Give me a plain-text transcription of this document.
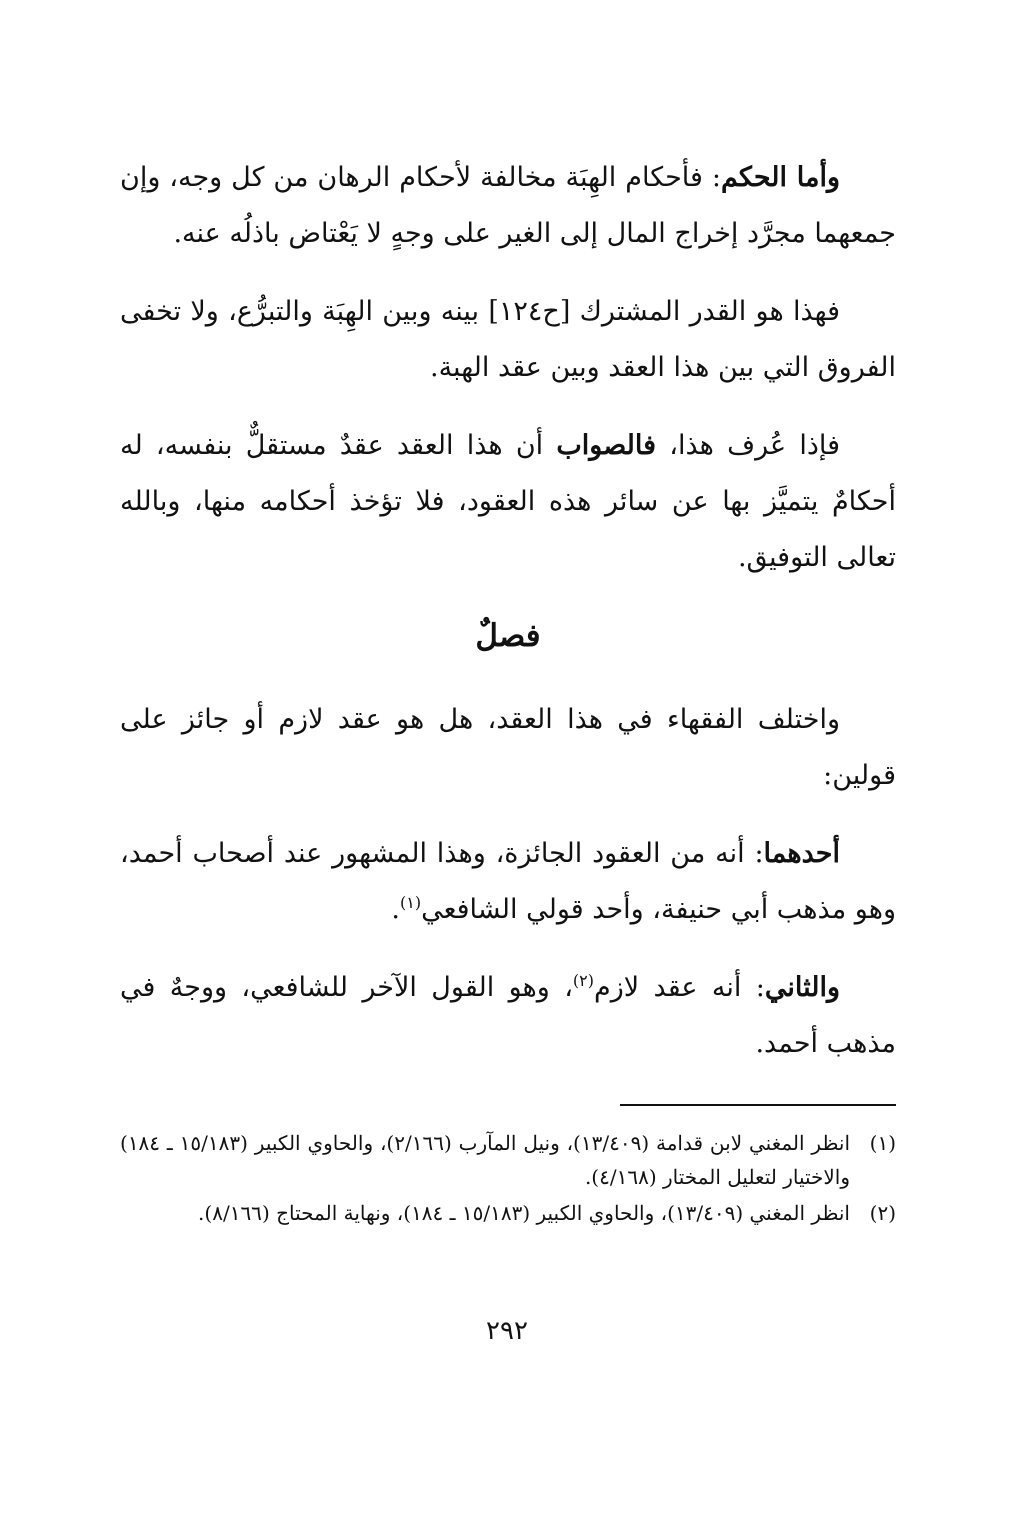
وأما الحكم: فأحكام الهِبَة مخالفة لأحكام الرهان من كل وجه، وإن جمعهما مجرَّد إخراج المال إلى الغير على وجهٍ لا يَعْتاض باذلُه عنه.

فهذا هو القدر المشترك [ح١٢٤] بينه وبين الهِبَة والتبرُّع، ولا تخفى الفروق التي بين هذا العقد وبين عقد الهبة.

فإذا عُرف هذا، فالصواب أن هذا العقد عقدٌ مستقلٌّ بنفسه، له أحكامٌ يتميَّز بها عن سائر هذه العقود، فلا تؤخذ أحكامه منها، وبالله تعالى التوفيق.

فصلٌ

واختلف الفقهاء في هذا العقد، هل هو عقد لازم أو جائز على قولين:

أحدهما: أنه من العقود الجائزة، وهذا المشهور عند أصحاب أحمد، وهو مذهب أبي حنيفة، وأحد قولي الشافعي$^{(١)}$.

والثاني: أنه عقد لازم$^{(٢)}$، وهو القول الآخر للشافعي، ووجهٌ في مذهب أحمد.

(١)
انظر المغني لابن قدامة (١٣/٤٠٩)، ونيل المآرب (٢/١٦٦)، والحاوي الكبير (١٥/١٨٣ ـ ١٨٤) والاختيار لتعليل المختار (٤/١٦٨).
(٢)
انظر المغني (١٣/٤٠٩)، والحاوي الكبير (١٥/١٨٣ ـ ١٨٤)، ونهاية المحتاج (٨/١٦٦).
٢٩٢
